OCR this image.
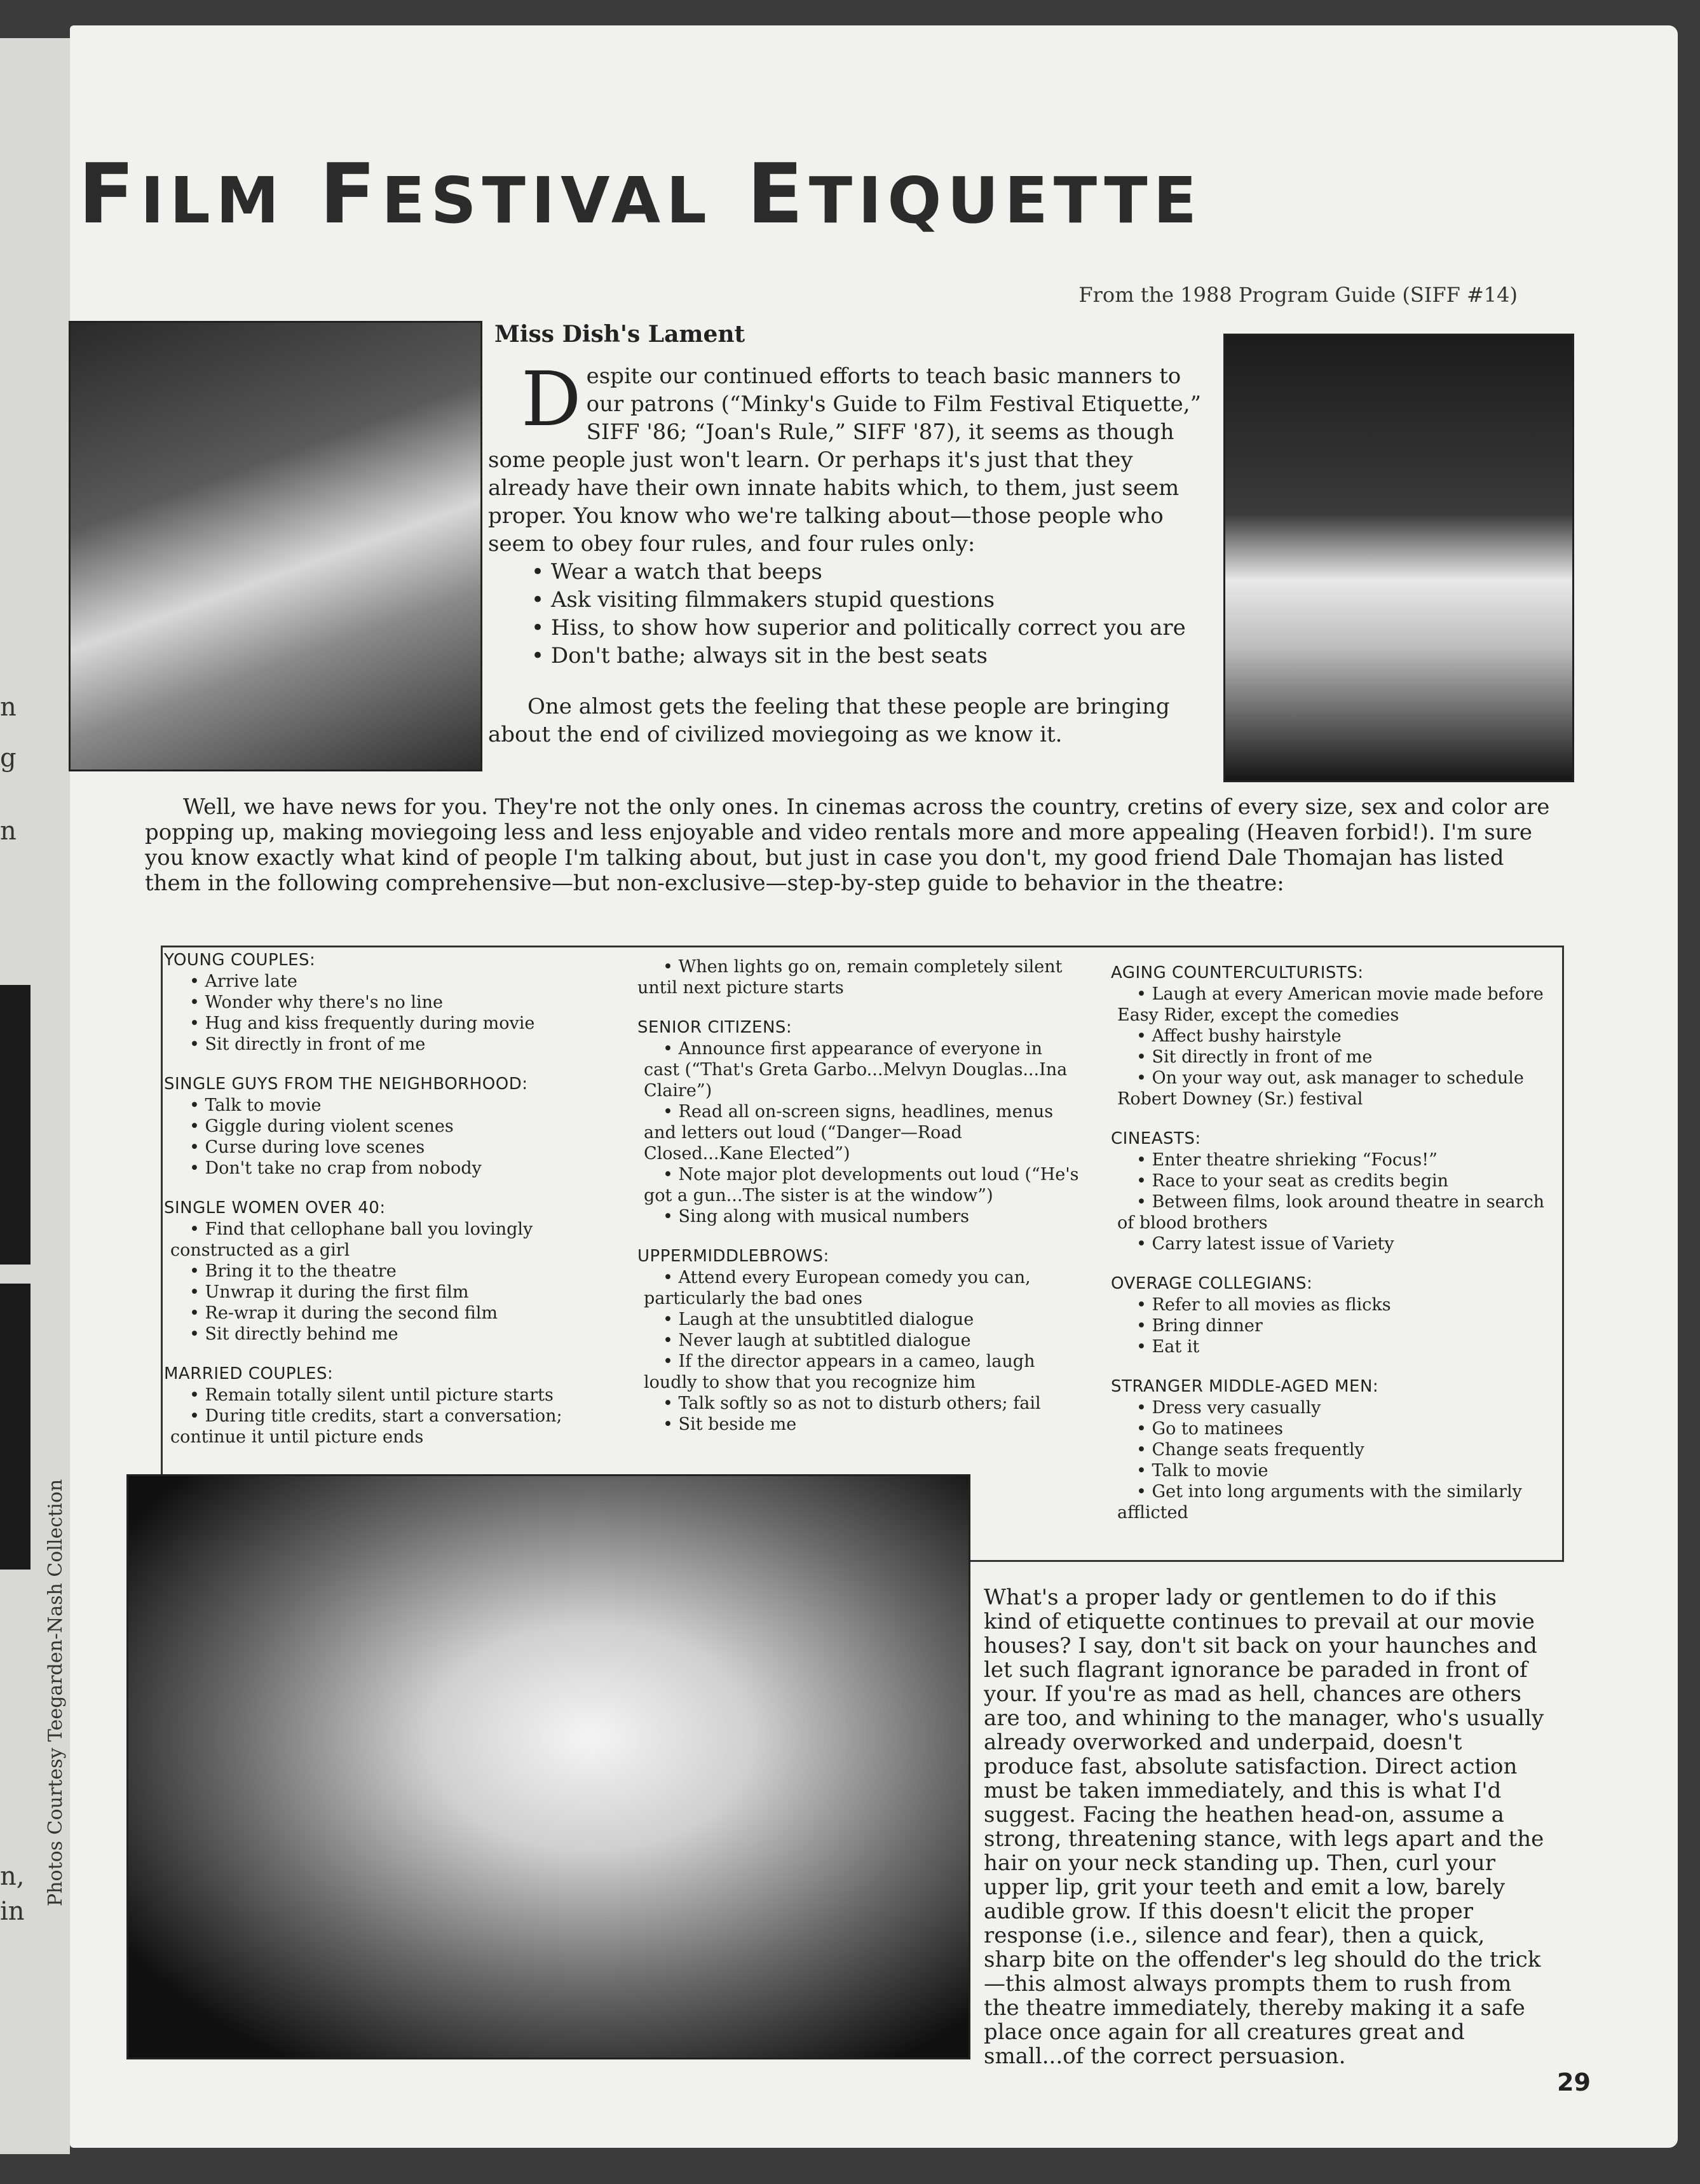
n
g
n
n,
in
FILM FESTIVAL ETIQUETTE
From the 1988 Program Guide (SIFF #14)
Miss Dish's Lament
D espite our continued efforts to teach basic manners to our patrons (“Minky's Guide to Film Festival Etiquette,” SIFF '86; “Joan's Rule,” SIFF '87), it seems as though some people just won't learn. Or perhaps it's just that they already have their own innate habits which, to them, just seem proper. You know who we're talking about—those people who seem to obey four rules, and four rules only:
• Wear a watch that beeps
• Ask visiting filmmakers stupid questions
• Hiss, to show how superior and politically correct you are
• Don't bathe; always sit in the best seats
One almost gets the feeling that these people are bringing about the end of civilized moviegoing as we know it.
Well, we have news for you. They're not the only ones. In cinemas across the country, cretins of every size, sex and color are popping up, making moviegoing less and less enjoyable and video rentals more and more appealing (Heaven forbid!). I'm sure you know exactly what kind of people I'm talking about, but just in case you don't, my good friend Dale Thomajan has listed them in the following comprehensive—but non-exclusive—step-by-step guide to behavior in the theatre:
YOUNG COUPLES:
• Arrive late
• Wonder why there's no line
• Hug and kiss frequently during movie
• Sit directly in front of me
SINGLE GUYS FROM THE NEIGHBORHOOD:
• Talk to movie
• Giggle during violent scenes
• Curse during love scenes
• Don't take no crap from nobody
SINGLE WOMEN OVER 40:
• Find that cellophane ball you lovingly constructed as a girl
• Bring it to the theatre
• Unwrap it during the first film
• Re-wrap it during the second film
• Sit directly behind me
MARRIED COUPLES:
• Remain totally silent until picture starts
• During title credits, start a conversation; continue it until picture ends
• When lights go on, remain completely silent until next picture starts
SENIOR CITIZENS:
• Announce first appearance of everyone in cast (“That's Greta Garbo...Melvyn Douglas...Ina Claire”)
• Read all on-screen signs, headlines, menus and letters out loud (“Danger—Road Closed...Kane Elected”)
• Note major plot developments out loud (“He's got a gun...The sister is at the window”)
• Sing along with musical numbers
UPPERMIDDLEBROWS:
• Attend every European comedy you can, particularly the bad ones
• Laugh at the unsubtitled dialogue
• Never laugh at subtitled dialogue
• If the director appears in a cameo, laugh loudly to show that you recognize him
• Talk softly so as not to disturb others; fail
• Sit beside me
AGING COUNTERCULTURISTS:
• Laugh at every American movie made before Easy Rider, except the comedies
• Affect bushy hairstyle
• Sit directly in front of me
• On your way out, ask manager to schedule Robert Downey (Sr.) festival
CINEASTS:
• Enter theatre shrieking “Focus!”
• Race to your seat as credits begin
• Between films, look around theatre in search of blood brothers
• Carry latest issue of Variety
OVERAGE COLLEGIANS:
• Refer to all movies as flicks
• Bring dinner
• Eat it
STRANGER MIDDLE-AGED MEN:
• Dress very casually
• Go to matinees
• Change seats frequently
• Talk to movie
• Get into long arguments with the similarly afflicted
What's a proper lady or gentlemen to do if this kind of etiquette continues to prevail at our movie houses? I say, don't sit back on your haunches and let such flagrant ignorance be paraded in front of your. If you're as mad as hell, chances are others are too, and whining to the manager, who's usually already overworked and underpaid, doesn't produce fast, absolute satisfaction. Direct action must be taken immediately, and this is what I'd suggest. Facing the heathen head-on, assume a strong, threatening stance, with legs apart and the hair on your neck standing up. Then, curl your upper lip, grit your teeth and emit a low, barely audible grow. If this doesn't elicit the proper response (i.e., silence and fear), then a quick, sharp bite on the offender's leg should do the trick—this almost always prompts them to rush from the theatre immediately, thereby making it a safe place once again for all creatures great and small...of the correct persuasion.
29
